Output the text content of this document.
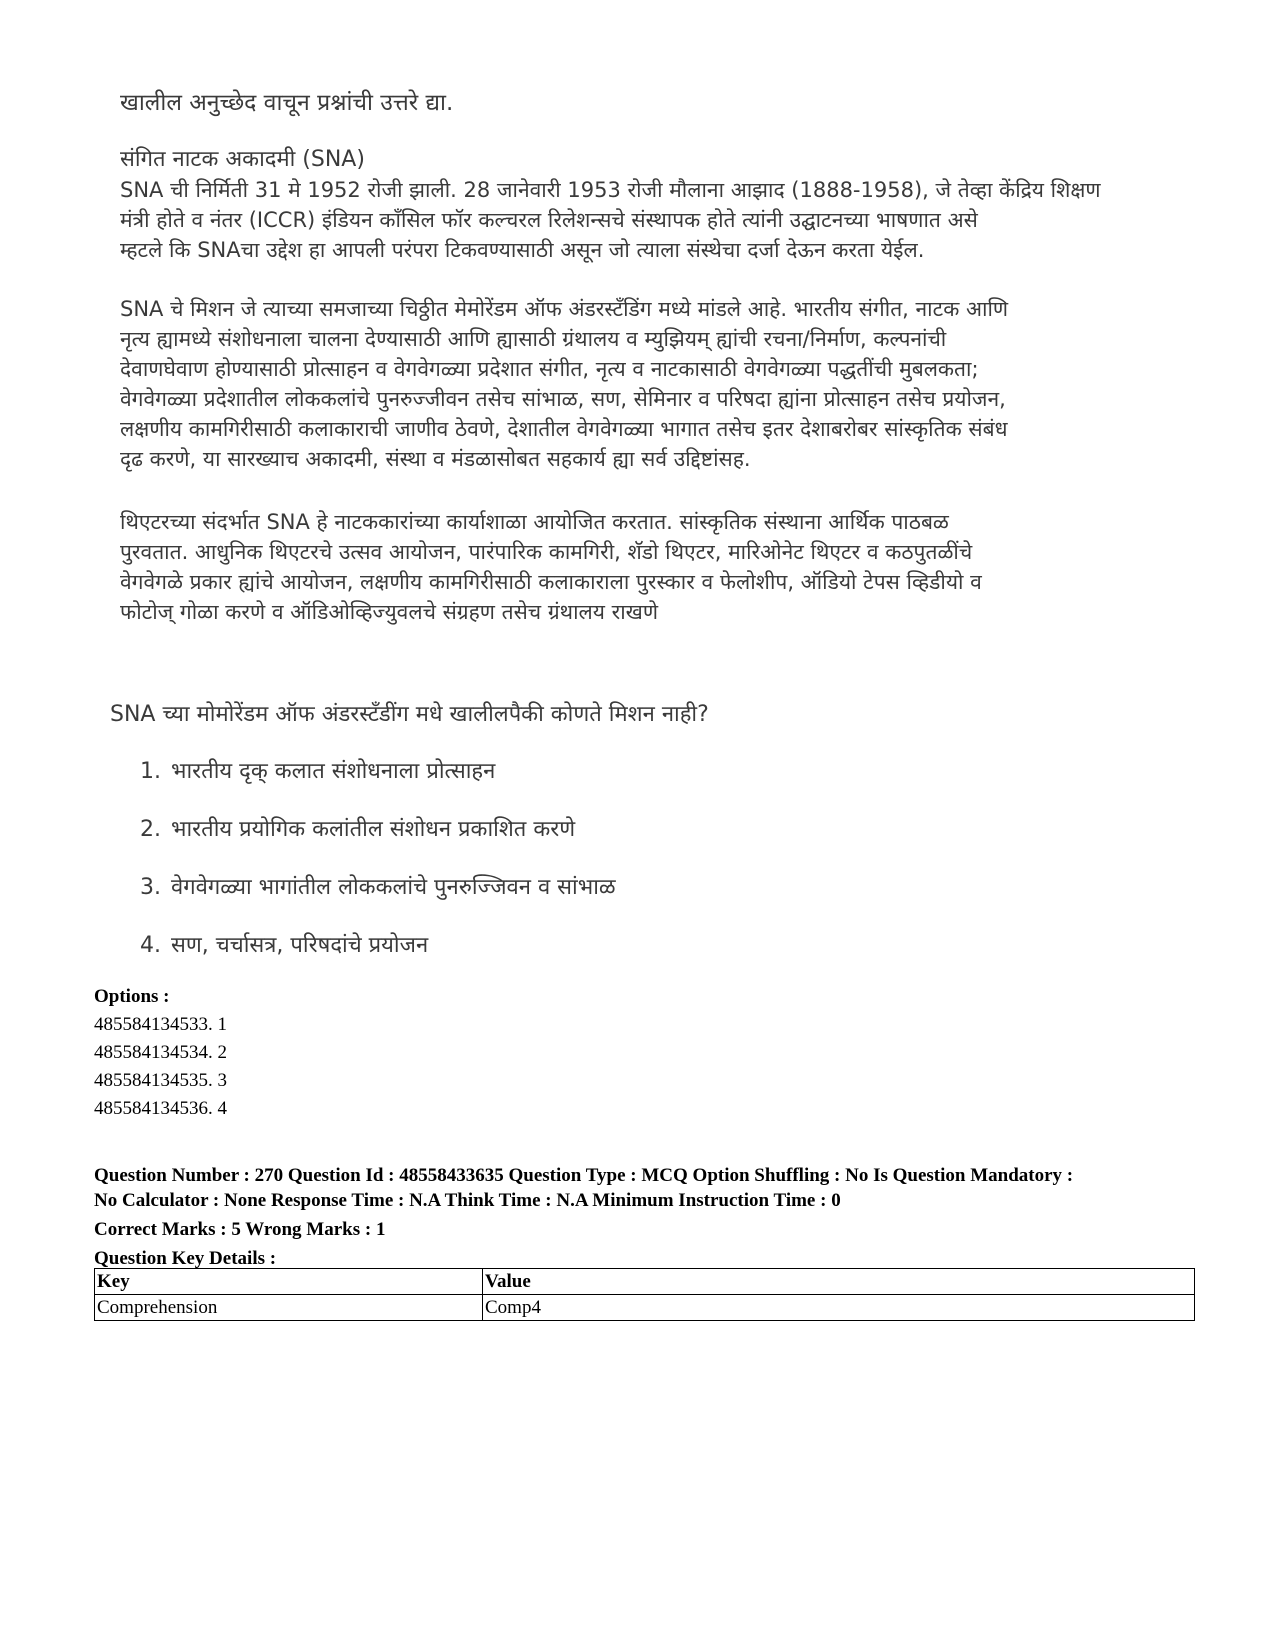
खालील अनुच्छेद वाचून प्रश्नांची उत्तरे द्या.
संगित नाटक अकादमी (SNA)

SNA ची निर्मिती 31 मे 1952 रोजी झाली. 28 जानेवारी 1953 रोजी मौलाना आझाद (1888-1958), जे तेव्हा केंद्रिय शिक्षण

मंत्री होते व नंतर (ICCR) इंडियन कॉंसिल फॉर कल्चरल रिलेशन्सचे संस्थापक होते त्यांनी उद्घाटनच्या भाषणात असे

म्हटले कि SNAचा उद्देश हा आपली परंपरा टिकवण्यासाठी असून जो त्याला संस्थेचा दर्जा देऊन करता येईल.

SNA चे मिशन जे त्याच्या समजाच्या चिठ्ठीत मेमोरेंडम ऑफ अंडरस्टॅंडिंग मध्ये मांडले आहे. भारतीय संगीत, नाटक आणि

नृत्य ह्यामध्ये संशोधनाला चालना देण्यासाठी आणि ह्यासाठी ग्रंथालय व म्युझियम् ह्यांची रचना/निर्माण, कल्पनांची

देवाणघेवाण होण्यासाठी प्रोत्साहन व वेगवेगळ्या प्रदेशात संगीत, नृत्य व नाटकासाठी वेगवेगळ्या पद्धतींची मुबलकता;

वेगवेगळ्या प्रदेशातील लोककलांचे पुनरुज्जीवन तसेच सांभाळ, सण, सेमिनार व परिषदा ह्यांना प्रोत्साहन तसेच प्रयोजन,

लक्षणीय कामगिरीसाठी कलाकाराची जाणीव ठेवणे, देशातील वेगवेगळ्या भागात तसेच इतर देशाबरोबर सांस्कृतिक संबंध

दृढ करणे, या सारख्याच अकादमी, संस्था व मंडळासोबत सहकार्य ह्या सर्व उद्दिष्टांसह.

थिएटरच्या संदर्भात SNA हे नाटककारांच्या कार्याशाळा आयोजित करतात. सांस्कृतिक संस्थाना आर्थिक पाठबळ

पुरवतात. आधुनिक थिएटरचे उत्सव आयोजन, पारंपारिक कामगिरी, शॅडो थिएटर, मारिओनेट थिएटर व कठपुतळींचे

वेगवेगळे प्रकार ह्यांचे आयोजन, लक्षणीय कामगिरीसाठी कलाकाराला पुरस्कार व फेलोशीप, ऑडियो टेपस व्हिडीयो व

फोटोज् गोळा करणे व ऑडिओव्हिज्युवलचे संग्रहण तसेच ग्रंथालय राखणे

SNA च्या मोमोरेंडम ऑफ अंडरस्टॅंडींग मधे खालीलपैकी कोणते मिशन नाही?
1. भारतीय दृक् कलात संशोधनाला प्रोत्साहन
2. भारतीय प्रयोगिक कलांतील संशोधन प्रकाशित करणे
3. वेगवेगळ्या भागांतील लोककलांचे पुनरुज्जिवन व सांभाळ
4. सण, चर्चासत्र, परिषदांचे प्रयोजन
Options :
485584134533. 1
485584134534. 2
485584134535. 3
485584134536. 4

Question Number : 270 Question Id : 48558433635 Question Type : MCQ Option Shuffling : No Is Question Mandatory :

No Calculator : None Response Time : N.A Think Time : N.A Minimum Instruction Time : 0

Correct Marks : 5 Wrong Marks : 1

Question Key Details :

Key	Value
Comprehension	Comp4
